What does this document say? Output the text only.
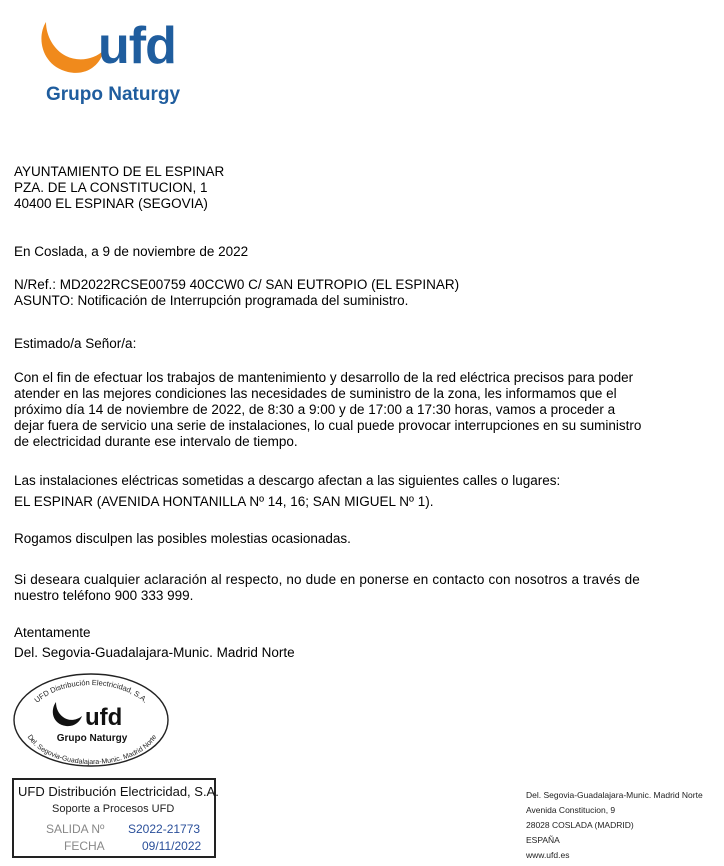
ufd
Grupo Naturgy
AYUNTAMIENTO DE EL ESPINAR
PZA. DE LA CONSTITUCION, 1
40400 EL ESPINAR (SEGOVIA)
En Coslada, a 9 de noviembre de 2022
N/Ref.: MD2022RCSE00759 40CCW0 C/ SAN EUTROPIO (EL ESPINAR)
ASUNTO: Notificación de Interrupción programada del suministro.
Estimado/a Señor/a:
Con el fin de efectuar los trabajos de mantenimiento y desarrollo de la red eléctrica precisos para poder
atender en las mejores condiciones las necesidades de suministro de la zona, les informamos que el
próximo día 14 de noviembre de 2022, de 8:30 a 9:00 y de 17:00 a 17:30 horas, vamos a proceder a
dejar fuera de servicio una serie de instalaciones, lo cual puede provocar interrupciones en su suministro
de electricidad durante ese intervalo de tiempo.
Las instalaciones eléctricas sometidas a descargo afectan a las siguientes calles o lugares:
EL ESPINAR (AVENIDA HONTANILLA Nº 14, 16; SAN MIGUEL Nº 1).
Rogamos disculpen las posibles molestias ocasionadas.
Si deseara cualquier aclaración al respecto, no dude en ponerse en contacto con nosotros a través de
nuestro teléfono 900 333 999.
Atentamente
Del. Segovia-Guadalajara-Munic. Madrid Norte
UFD Distribución Electricidad, S.A.
Del. Segovia-Guadalajara-Munic. Madrid Norte
ufd
Grupo Naturgy
UFD Distribución Electricidad, S.A.
Soporte a Procesos UFD
SALIDA Nº S2022-21773
FECHA	09/11/2022
Del. Segovia-Guadalajara-Munic. Madrid Norte
Avenida Constitucion, 9
28028 COSLADA (MADRID)
ESPAÑA
www.ufd.es
